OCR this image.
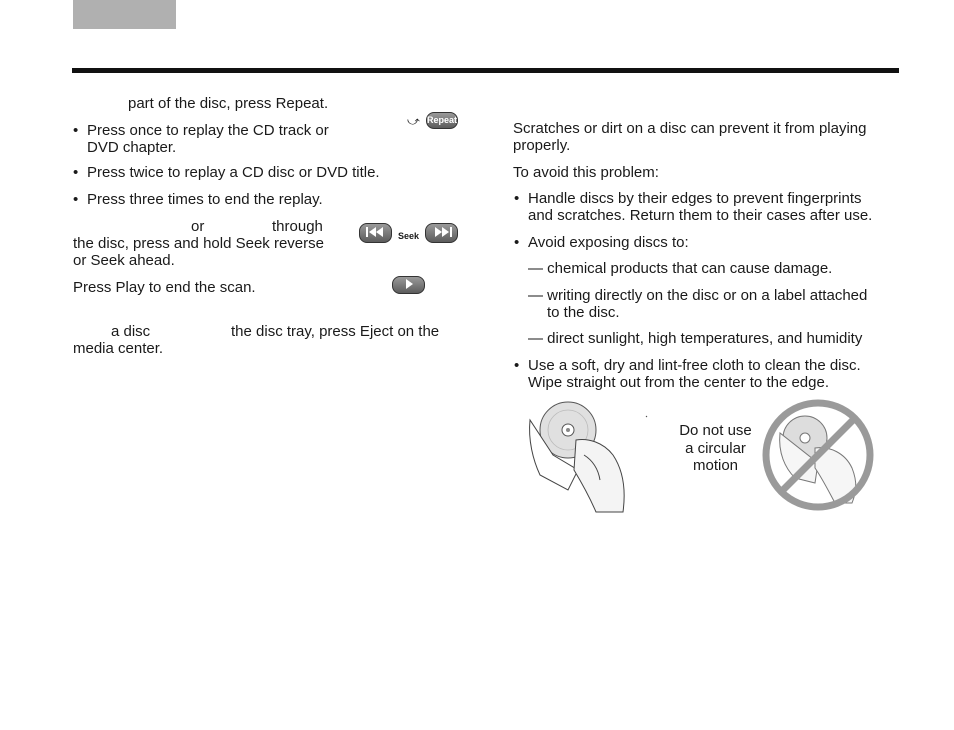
part of the disc, press Repeat.
• Press once to replay the CD track or
DVD chapter.
• Press twice to replay a CD disc or DVD title.
• Press three times to end the replay.
⤻ Repeat
or	through
the disc, press and hold Seek reverse
or Seek ahead.
Seek
Press Play to end the scan.
a disc	the disc tray, press Eject on the
media center.
Scratches or dirt on a disc can prevent it from playing
properly.
To avoid this problem:
• Handle discs by their edges to prevent fingerprints
and scratches. Return them to their cases after use.
• Avoid exposing discs to:
— chemical products that can cause damage.
— writing directly on the disc or on a label attached
to the disc.
— direct sunlight, high temperatures, and humidity
• Use a soft, dry and lint-free cloth to clean the disc.
Wipe straight out from the center to the edge.
Do not use
a circular
motion
